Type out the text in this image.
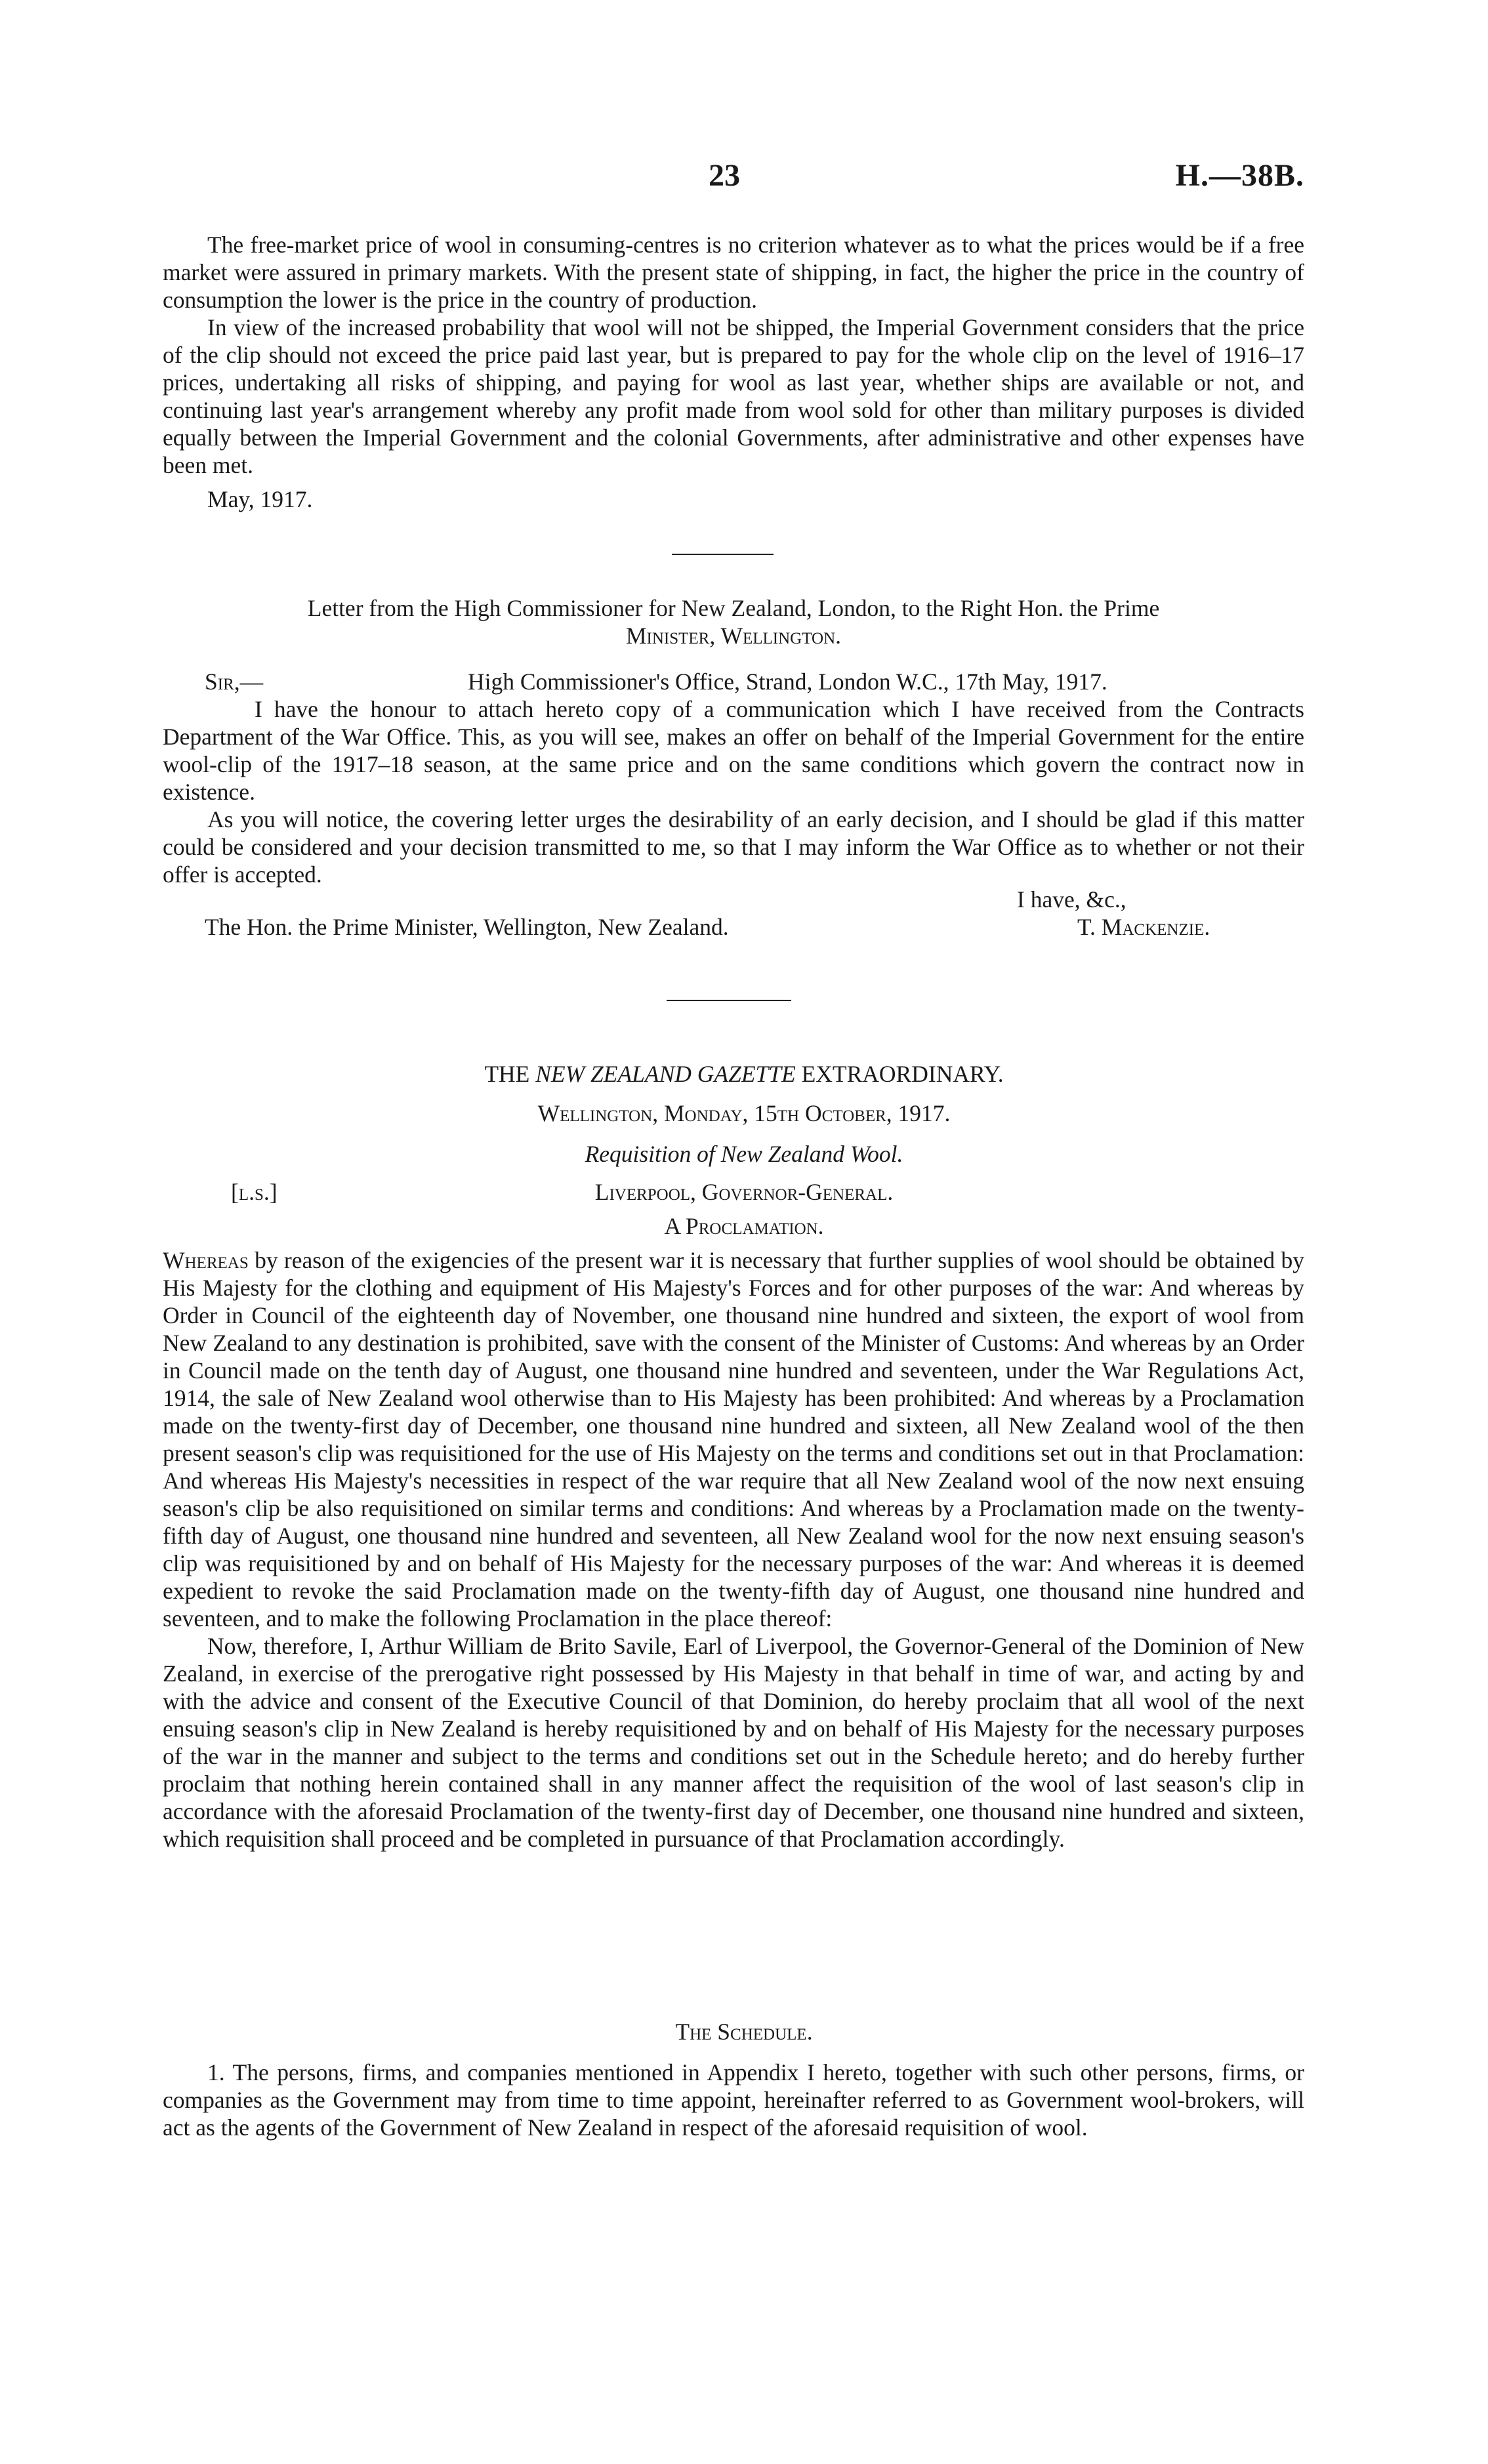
23	H.—38B.

The free-market price of wool in consuming-centres is no criterion whatever as to what the prices would be if a free market were assured in primary markets. With the present state of shipping, in fact, the higher the price in the country of consumption the lower is the price in the country of production.

In view of the increased probability that wool will not be shipped, the Imperial Government considers that the price of the clip should not exceed the price paid last year, but is prepared to pay for the whole clip on the level of 1916–17 prices, undertaking all risks of shipping, and paying for wool as last year, whether ships are available or not, and continuing last year's arrangement whereby any profit made from wool sold for other than military purposes is divided equally between the Imperial Government and the colonial Governments, after administrative and other expenses have been met.

May, 1917.

Letter from the High Commissioner for New Zealand, London, to the Right Hon. the Prime
Minister, Wellington.
Sir,—	High Commissioner's Office, Strand, London W.C., 17th May, 1917.

I have the honour to attach hereto copy of a communication which I have received from the Contracts Department of the War Office. This, as you will see, makes an offer on behalf of the Imperial Government for the entire wool-clip of the 1917–18 season, at the same price and on the same conditions which govern the contract now in existence.

As you will notice, the covering letter urges the desirability of an early decision, and I should be glad if this matter could be considered and your decision transmitted to me, so that I may inform the War Office as to whether or not their offer is accepted.

I have, &c.,
The Hon. the Prime Minister, Wellington, New Zealand.	T. Mackenzie.
THE NEW ZEALAND GAZETTE EXTRAORDINARY.
Wellington, Monday, 15th October, 1917.
Requisition of New Zealand Wool.
[l.s.]	Liverpool, Governor-General.
A Proclamation.

Whereas by reason of the exigencies of the present war it is necessary that further supplies of wool should be obtained by His Majesty for the clothing and equipment of His Majesty's Forces and for other purposes of the war: And whereas by Order in Council of the eighteenth day of November, one thousand nine hundred and sixteen, the export of wool from New Zealand to any destination is prohibited, save with the consent of the Minister of Customs: And whereas by an Order in Council made on the tenth day of August, one thousand nine hundred and seventeen, under the War Regulations Act, 1914, the sale of New Zealand wool otherwise than to His Majesty has been prohibited: And whereas by a Proclamation made on the twenty-first day of December, one thousand nine hundred and sixteen, all New Zealand wool of the then present season's clip was requisitioned for the use of His Majesty on the terms and conditions set out in that Proclamation: And whereas His Majesty's necessities in respect of the war require that all New Zealand wool of the now next ensuing season's clip be also requisitioned on similar terms and conditions: And whereas by a Proclamation made on the twenty-fifth day of August, one thousand nine hundred and seventeen, all New Zealand wool for the now next ensuing season's clip was requisitioned by and on behalf of His Majesty for the necessary purposes of the war: And whereas it is deemed expedient to revoke the said Proclamation made on the twenty-fifth day of August, one thousand nine hundred and seventeen, and to make the following Proclamation in the place thereof:

Now, therefore, I, Arthur William de Brito Savile, Earl of Liverpool, the Governor-General of the Dominion of New Zealand, in exercise of the prerogative right possessed by His Majesty in that behalf in time of war, and acting by and with the advice and consent of the Executive Council of that Dominion, do hereby proclaim that all wool of the next ensuing season's clip in New Zealand is hereby requisitioned by and on behalf of His Majesty for the necessary purposes of the war in the manner and subject to the terms and conditions set out in the Schedule hereto; and do hereby further proclaim that nothing herein contained shall in any manner affect the requisition of the wool of last season's clip in accordance with the aforesaid Proclamation of the twenty-first day of December, one thousand nine hundred and sixteen, which requisition shall proceed and be completed in pursuance of that Proclamation accordingly.

The Schedule.

1. The persons, firms, and companies mentioned in Appendix I hereto, together with such other persons, firms, or companies as the Government may from time to time appoint, hereinafter referred to as Government wool-brokers, will act as the agents of the Government of New Zealand in respect of the aforesaid requisition of wool.
